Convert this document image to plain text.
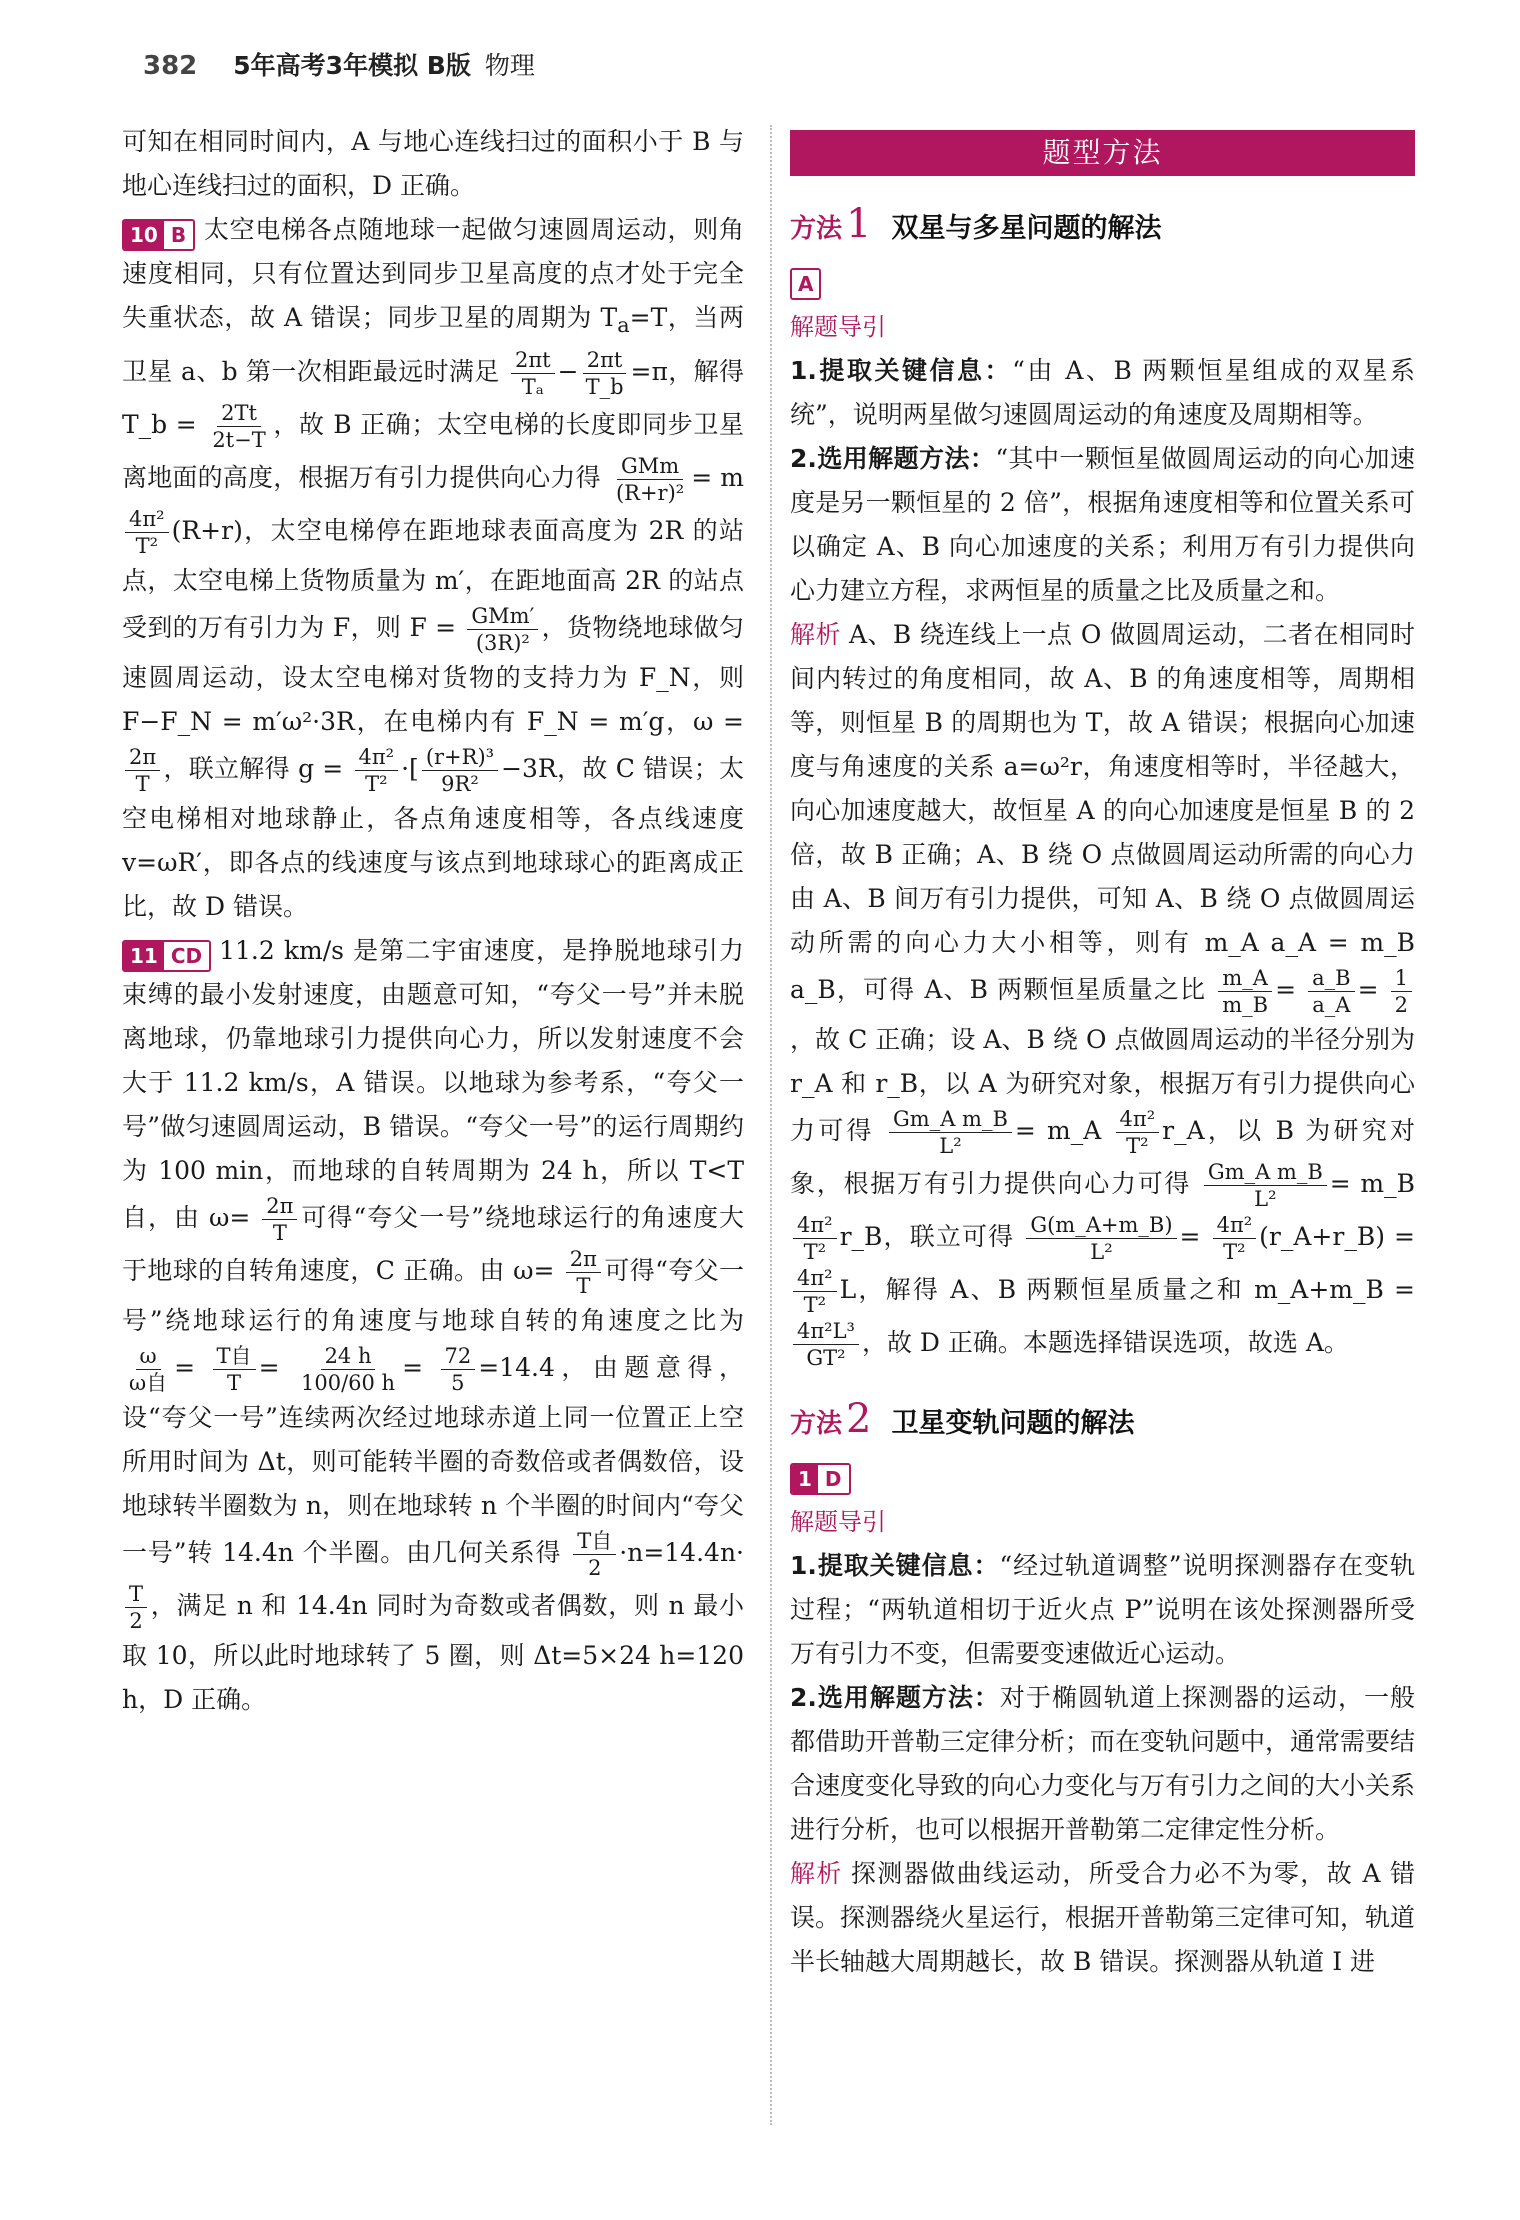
382 5年高考3年模拟 B版 物理

可知在相同时间内，A 与地心连线扫过的面积小于 B 与地心连线扫过的面积，D 正确。

10 B 太空电梯各点随地球一起做匀速圆周运动，则角速度相同，只有位置达到同步卫星高度的点才处于完全失重状态，故 A 错误；同步卫星的周期为 $T_a=T$，当两卫星 a、b 第一次相距最远时满足 $\frac{2\pi t}{\text{Tₐ}} - \frac{2\pi t}{T\_b} =\pi$，解得 T_b = $\frac{2Tt}{2t-T}$ ，故 B 正确；太空电梯的长度即同步卫星离地面的高度，根据万有引力提供向心力得 $\frac{\text{GMm}}{\text{(R+r)²}} = m$
$\frac{\text{4π²}}{\text{T²}} (R+r)$，太空电梯停在距地球表面高度为 2R 的站点，太空电梯上货物质量为 m′，在距地面高 2R 的站点受到的万有引力为 F，则 $F = \frac{\text{GMm′}}{\text{(3R)²}}$ ，货物绕地球做匀速圆周运动，设太空电梯对货物的支持力为 F_N，则 F−F_N = m′ω²·3R，在电梯内有 F_N = m′g，ω =
$\frac{2\pi}{T}$ ，联立解得 $g = \frac{\text{4π²}}{\text{T²}}$ ·[ $\frac{\text{(r+R)³}}{\text{9R²}} -3R$，故 C 错误；太空电梯相对地球静止，各点角速度相等，各点线速度 v=ωR′，即各点的线速度与该点到地球球心的距离成正比，故 D 错误。

11 CD 11.2 km/s 是第二宇宙速度，是挣脱地球引力束缚的最小发射速度，由题意可知，“夸父一号”并未脱离地球，仍靠地球引力提供向心力，所以发射速度不会大于 11.2 km/s，A 错误。以地球为参考系，“夸父一号”做匀速圆周运动，B 错误。“夸父一号”的运行周期约为 100 min，而地球的自转周期为 24 h，所以 T<T自，由 $\omega= \frac{2\pi}{T}$ 可得“夸父一号”绕地球运行的角速度大于地球的自转角速度，C 正确。由 $\omega= \frac{2\pi}{T}$ 可得“夸父一号”绕地球运行的角速度与地球自转的角速度之比为
$\frac{\omega}{\text{ω自}} = \frac{\text{T自}}{T} = \frac{24 h}{100/60 h} = \frac{72}{5} =14.4$，由题意得，设“夸父一号”连续两次经过地球赤道上同一位置正上空所用时间为 Δt，则可能转半圈的奇数倍或者偶数倍，设地球转半圈数为 n，则在地球转 n 个半圈的时间内“夸父一号”转 14.4n 个半圈。由几何关系得 $\frac{\text{T自}}{2} \cdot n=14.4n\cdot$
$\frac{T}{2}$ ，满足 n 和 14.4n 同时为奇数或者偶数，则 n 最小取 10，所以此时地球转了 5 圈，则 Δt=5×24 h=120 h，D 正确。

题型方法
方法 1 双星与多星问题的解法
A
解题导引

1.提取关键信息：“由 A、B 两颗恒星组成的双星系统”，说明两星做匀速圆周运动的角速度及周期相等。

2.选用解题方法：“其中一颗恒星做圆周运动的向心加速度是另一颗恒星的 2 倍”，根据角速度相等和位置关系可以确定 A、B 向心加速度的关系；利用万有引力提供向心力建立方程，求两恒星的质量之比及质量之和。

解析 A、B 绕连线上一点 O 做圆周运动，二者在相同时间内转过的角度相同，故 A、B 的角速度相等，周期相等，则恒星 B 的周期也为 T，故 A 错误；根据向心加速度与角速度的关系 a=ω²r，角速度相等时，半径越大，向心加速度越大，故恒星 A 的向心加速度是恒星 B 的 2 倍，故 B 正确；A、B 绕 O 点做圆周运动所需的向心力由 A、B 间万有引力提供，可知 A、B 绕 O 点做圆周运动所需的向心力大小相等，则有 m_A a_A = m_B a_B，可得 A、B 两颗恒星质量之比 $\frac{m\_A}{m\_B} = \frac{a\_B}{a\_A} = \frac{1}{2}$
，故 C 正确；设 A、B 绕 O 点做圆周运动的半径分别为 r_A 和 r_B，以 A 为研究对象，根据万有引力提供向心力可得 $\frac{\text{Gm\_A m\_B}}{\text{L²}}$ = m_A $\frac{\text{4π²}}{\text{T²}}$ r_A，以 B 为研究对象，根据万有引力提供向心力可得 $\frac{\text{Gm\_A m\_B}}{\text{L²}}$ = m_B
$\frac{\text{4π²}}{\text{T²}}$ r_B，联立可得 $\frac{G(m\_A+m\_B)}{\text{L²}} = \frac{\text{4π²}}{\text{T²}}$ (r_A+r_B) =
$\frac{\text{4π²}}{\text{T²}}$ L，解得 A、B 两颗恒星质量之和 m_A+m_B =
$\frac{\text{4π²L³}}{\text{GT²}}$ ，故 D 正确。本题选择错误选项，故选 A。

方法 2 卫星变轨问题的解法
1 D
解题导引

1.提取关键信息：“经过轨道调整”说明探测器存在变轨过程；“两轨道相切于近火点 P”说明在该处探测器所受万有引力不变，但需要变速做近心运动。

2.选用解题方法：对于椭圆轨道上探测器的运动，一般都借助开普勒三定律分析；而在变轨问题中，通常需要结合速度变化导致的向心力变化与万有引力之间的大小关系进行分析，也可以根据开普勒第二定律定性分析。

解析 探测器做曲线运动，所受合力必不为零，故 A 错误。探测器绕火星运行，根据开普勒第三定律可知，轨道半长轴越大周期越长，故 B 错误。探测器从轨道 Ⅰ 进
